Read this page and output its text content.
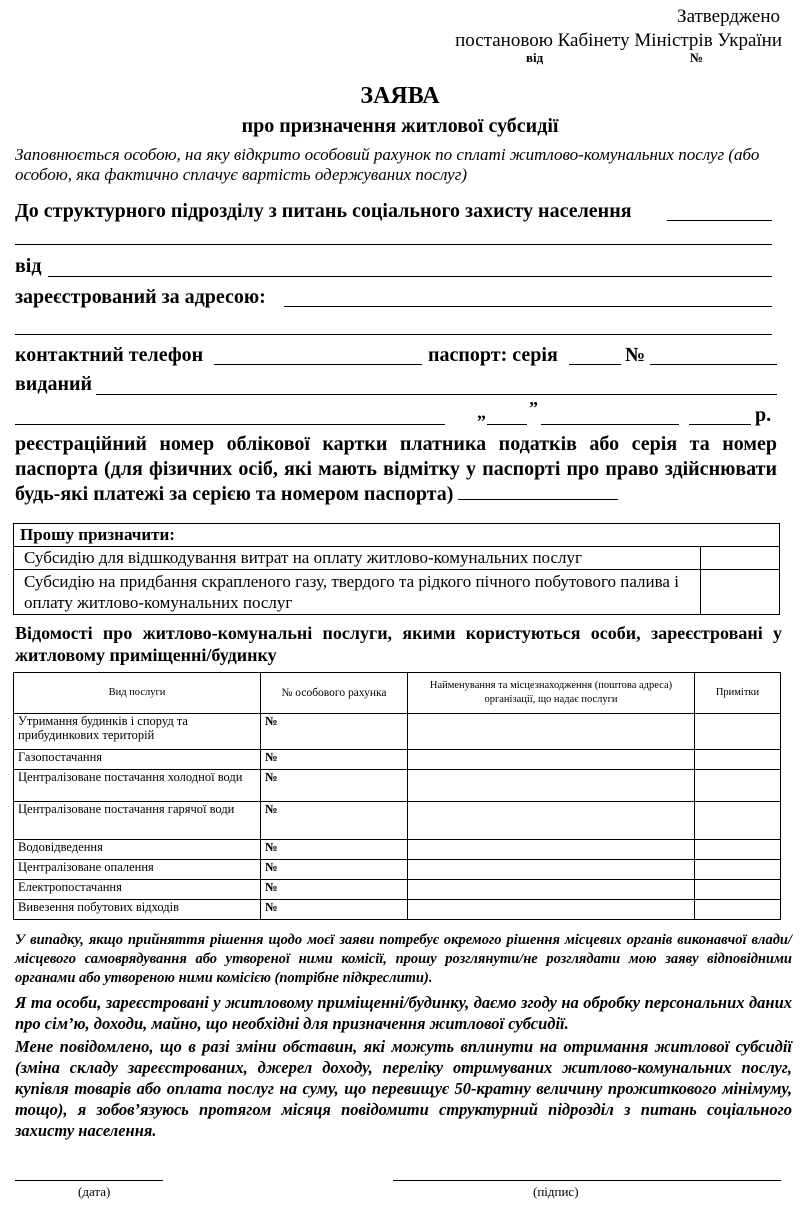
Затверджено
постановою Кабінету Міністрів України
від	№
ЗАЯВА
про призначення житлової субсидії
Заповнюється особою, на яку відкрито особовий рахунок по сплаті житлово-комунальних послуг (або особою, яка фактично сплачує вартість одержуваних послуг)
До структурного підрозділу з питань соціального захисту населення
від
зареєстрований за адресою:
контактний телефон	паспорт: серія	№
виданий
„ ”	р.
реєстраційний номер облікової картки платника податків або серія та номер паспорта (для фізичних осіб, які мають відмітку у паспорті про право здійснювати будь-які платежі за серією та номером паспорта)
Прошу призначити:	
Субсидію для відшкодування витрат на оплату житлово-комунальних послуг	
Субсидію на придбання скрапленого газу, твердого та рідкого пічного побутового палива і оплату житлово-комунальних послуг	
Відомості про житлово-комунальні послуги, якими користуються особи, зареєстровані у житловому приміщенні/будинку
Вид послуги	№ особового рахунка	Найменування та місцезнаходження (поштова адреса) організації, що надає послуги	Примітки
Утримання будинків і споруд та прибудинкових територій	№		
Газопостачання	№		
Централізоване постачання холодної води	№		
Централізоване постачання гарячої води	№		
Водовідведення	№		
Централізоване опалення	№		
Електропостачання	№		
Вивезення побутових відходів	№		
У випадку, якщо прийняття рішення щодо моєї заяви потребує окремого рішення місцевих органів виконавчої влади/місцевого самоврядування або утвореної ними комісії, прошу розглянути/не розглядати мою заяву відповідними органами або утвореною ними комісією (потрібне підкреслити).
Я та особи, зареєстровані у житловому приміщенні/будинку, даємо згоду на обробку персональних даних про сім’ю, доходи, майно, що необхідні для призначення житлової субсидії.
Мене повідомлено, що в разі зміни обставин, які можуть вплинути на отримання житлової субсидії (зміна складу зареєстрованих, джерел доходу, переліку отримуваних житлово-комунальних послуг, купівля товарів або оплата послуг на суму, що перевищує 50-кратну величину прожиткового мінімуму, тощо), я зобов’язуюсь протягом місяця повідомити структурний підрозділ з питань соціального захисту населення.
(дата)	(підпис)
